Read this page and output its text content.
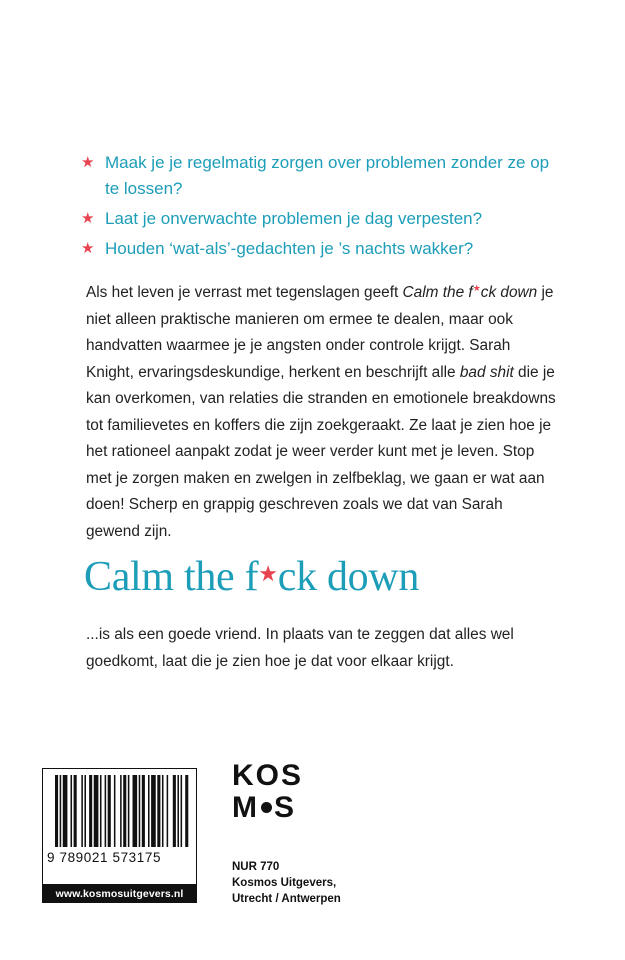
★ Maak je je regelmatig zorgen over problemen zonder ze op te lossen?
★ Laat je onverwachte problemen je dag verpesten?
★ Houden ‘wat-als’-gedachten je ’s nachts wakker?

Als het leven je verrast met tegenslagen geeft Calm the f★ck down je niet alleen praktische manieren om ermee te dealen, maar ook handvatten waarmee je je angsten onder controle krijgt. Sarah Knight, ervaringsdeskundige, herkent en beschrijft alle bad shit die je kan overkomen, van relaties die stranden en emotionele breakdowns tot familievetes en koffers die zijn zoekgeraakt. Ze laat je zien hoe je het rationeel aanpakt zodat je weer verder kunt met je leven. Stop met je zorgen maken en zwelgen in zelfbeklag, we gaan er wat aan doen! Scherp en grappig geschreven zoals we dat van Sarah gewend zijn.

Calm the f★ck down

...is als een goede vriend. In plaats van te zeggen dat alles wel goedkomt, laat die je zien hoe je dat voor elkaar krijgt.

9 789021 573175
www.kosmosuitgevers.nl
KOS
M S
NUR 770
Kosmos Uitgevers,
Utrecht / Antwerpen
